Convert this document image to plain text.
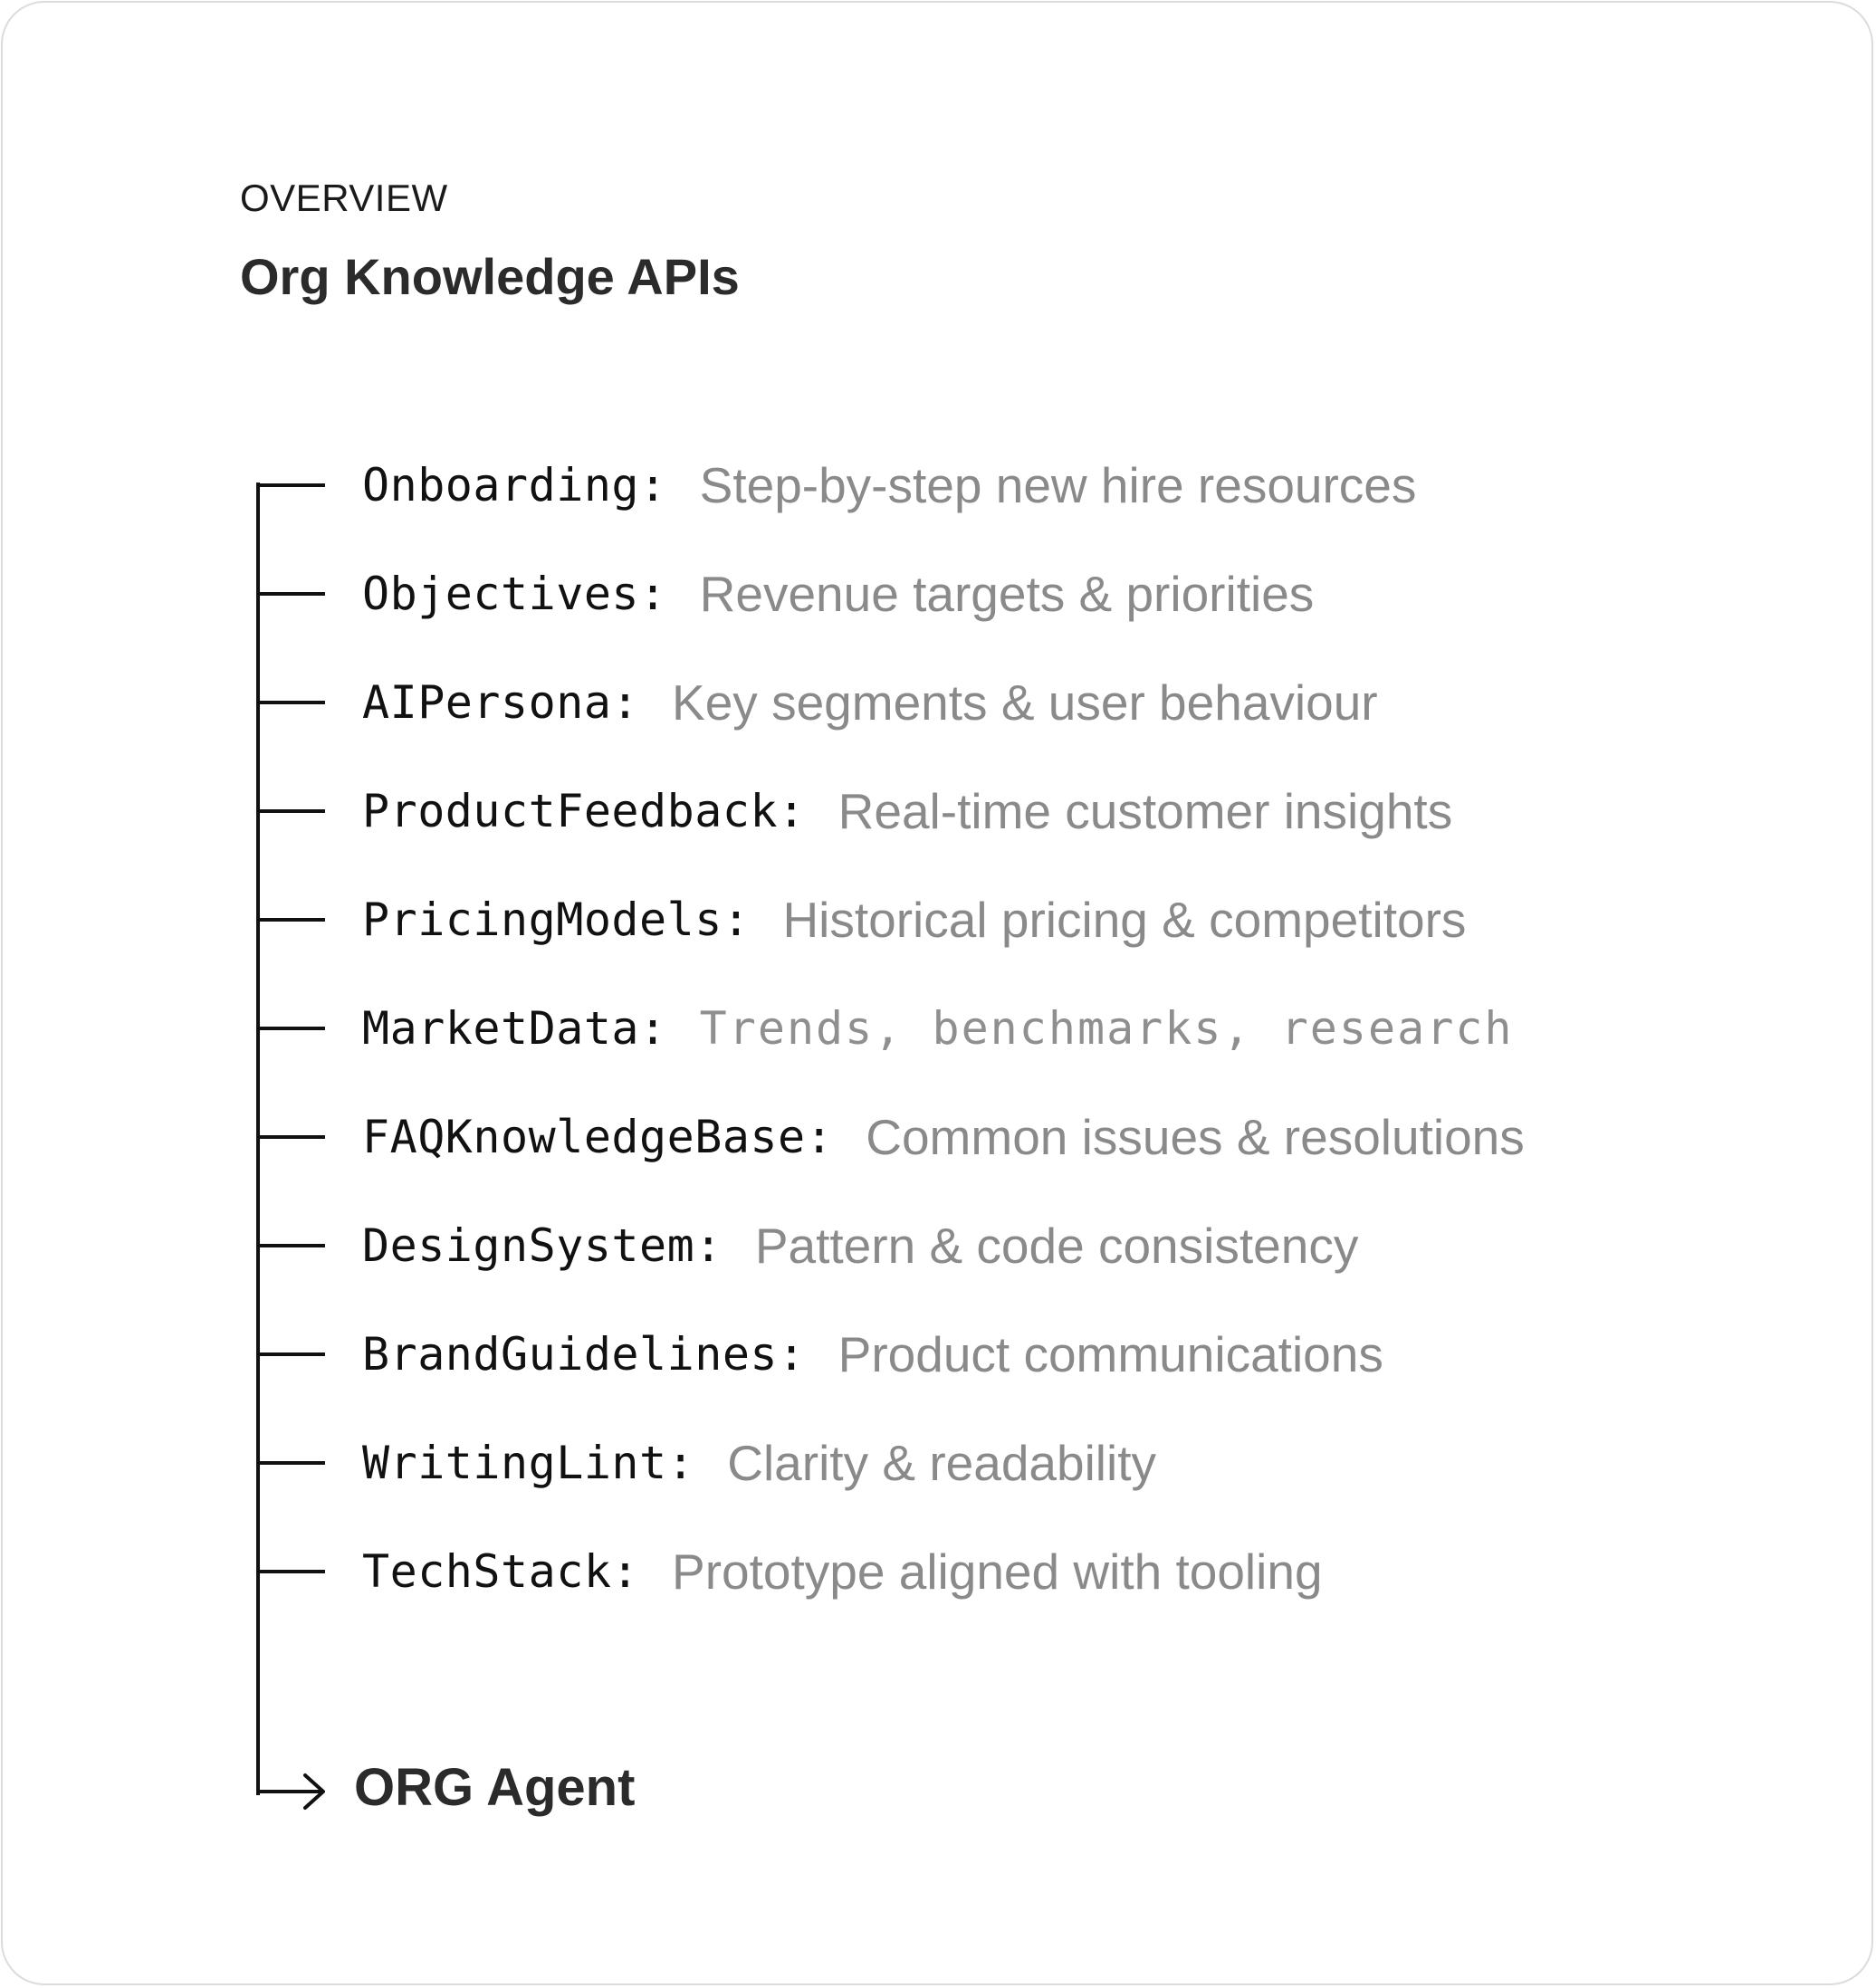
OVERVIEW
Org Knowledge APIs
Onboarding: Step-by-step new hire resources
Objectives: Revenue targets & priorities
AIPersona: Key segments & user behaviour
ProductFeedback: Real-time customer insights
PricingModels: Historical pricing & competitors
MarketData: Trends, benchmarks, research
FAQKnowledgeBase: Common issues & resolutions
DesignSystem: Pattern & code consistency
BrandGuidelines: Product communications
WritingLint: Clarity & readability
TechStack: Prototype aligned with tooling
ORG Agent
